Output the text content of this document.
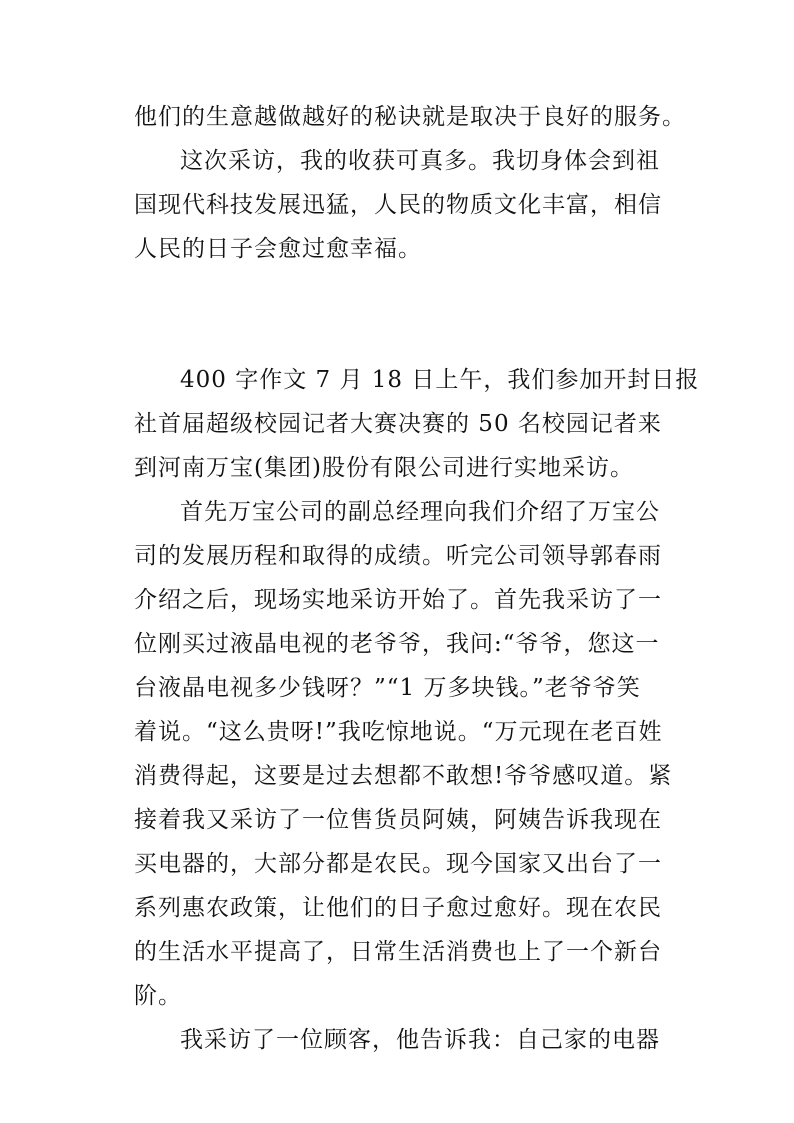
他们的生意越做越好的秘诀就是取决于良好的服务。
这次采访，我的收获可真多。我切身体会到祖
国现代科技发展迅猛，人民的物质文化丰富，相信
人民的日子会愈过愈幸福。
400 字作文 7 月 18 日上午，我们参加开封日报
社首届超级校园记者大赛决赛的 50 名校园记者来
到河南万宝(集团)股份有限公司进行实地采访。
首先万宝公司的副总经理向我们介绍了万宝公
司的发展历程和取得的成绩。听完公司领导郭春雨
介绍之后，现场实地采访开始了。首先我采访了一
位刚买过液晶电视的老爷爷，我问:“爷爷，您这一
台液晶电视多少钱呀？”“1 万多块钱。”老爷爷笑
着说。“这么贵呀!”我吃惊地说。“万元现在老百姓
消费得起，这要是过去想都不敢想!爷爷感叹道。紧
接着我又采访了一位售货员阿姨，阿姨告诉我现在
买电器的，大部分都是农民。现今国家又出台了一
系列惠农政策，让他们的日子愈过愈好。现在农民
的生活水平提高了，日常生活消费也上了一个新台
阶。
我采访了一位顾客，他告诉我：自己家的电器
